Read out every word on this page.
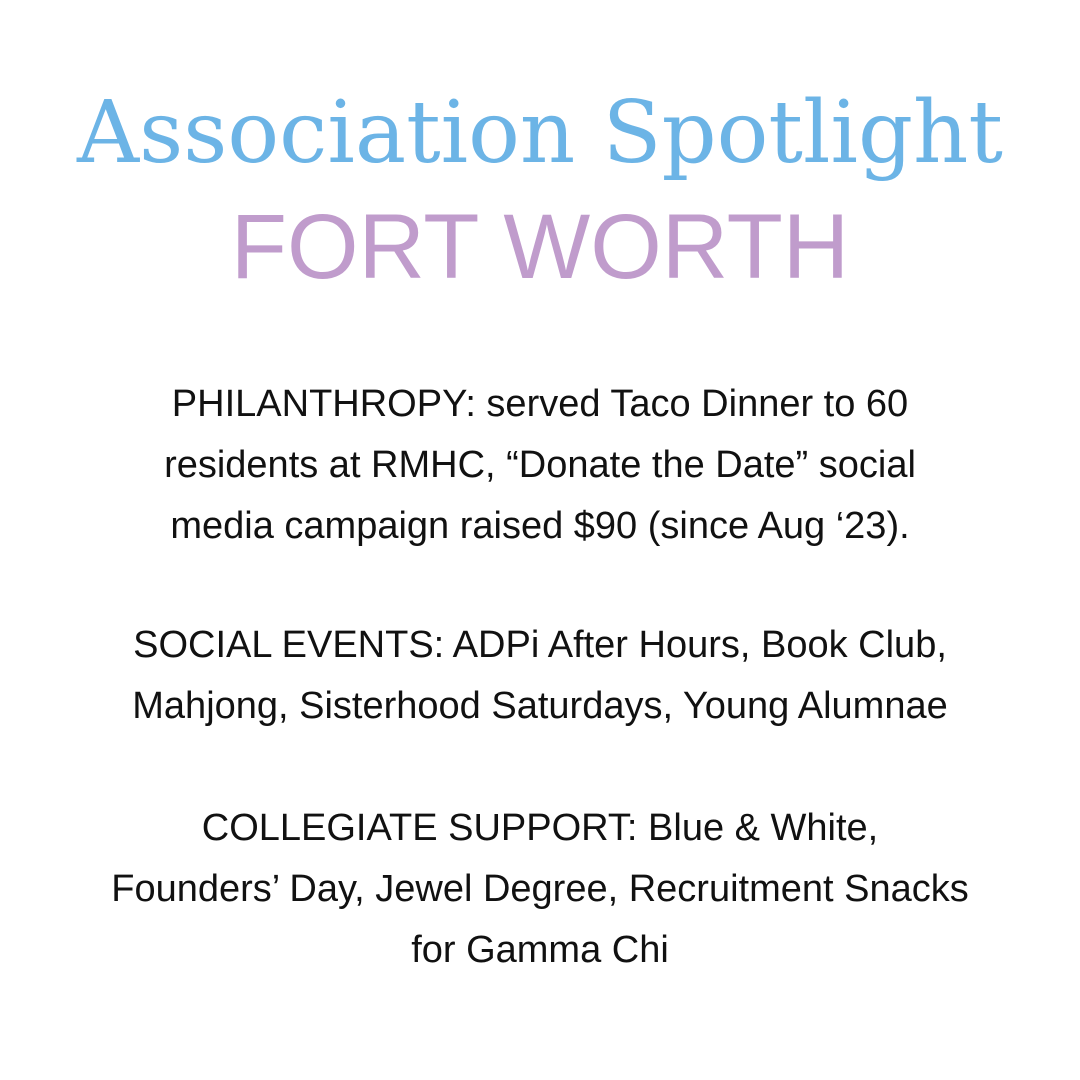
Association Spotlight
FORT WORTH
PHILANTHROPY: served Taco Dinner to 60
residents at RMHC, “Donate the Date” social
media campaign raised $90 (since Aug ‘23).
SOCIAL EVENTS: ADPi After Hours, Book Club,
Mahjong, Sisterhood Saturdays, Young Alumnae
COLLEGIATE SUPPORT: Blue & White,
Founders’ Day, Jewel Degree, Recruitment Snacks
for Gamma Chi
